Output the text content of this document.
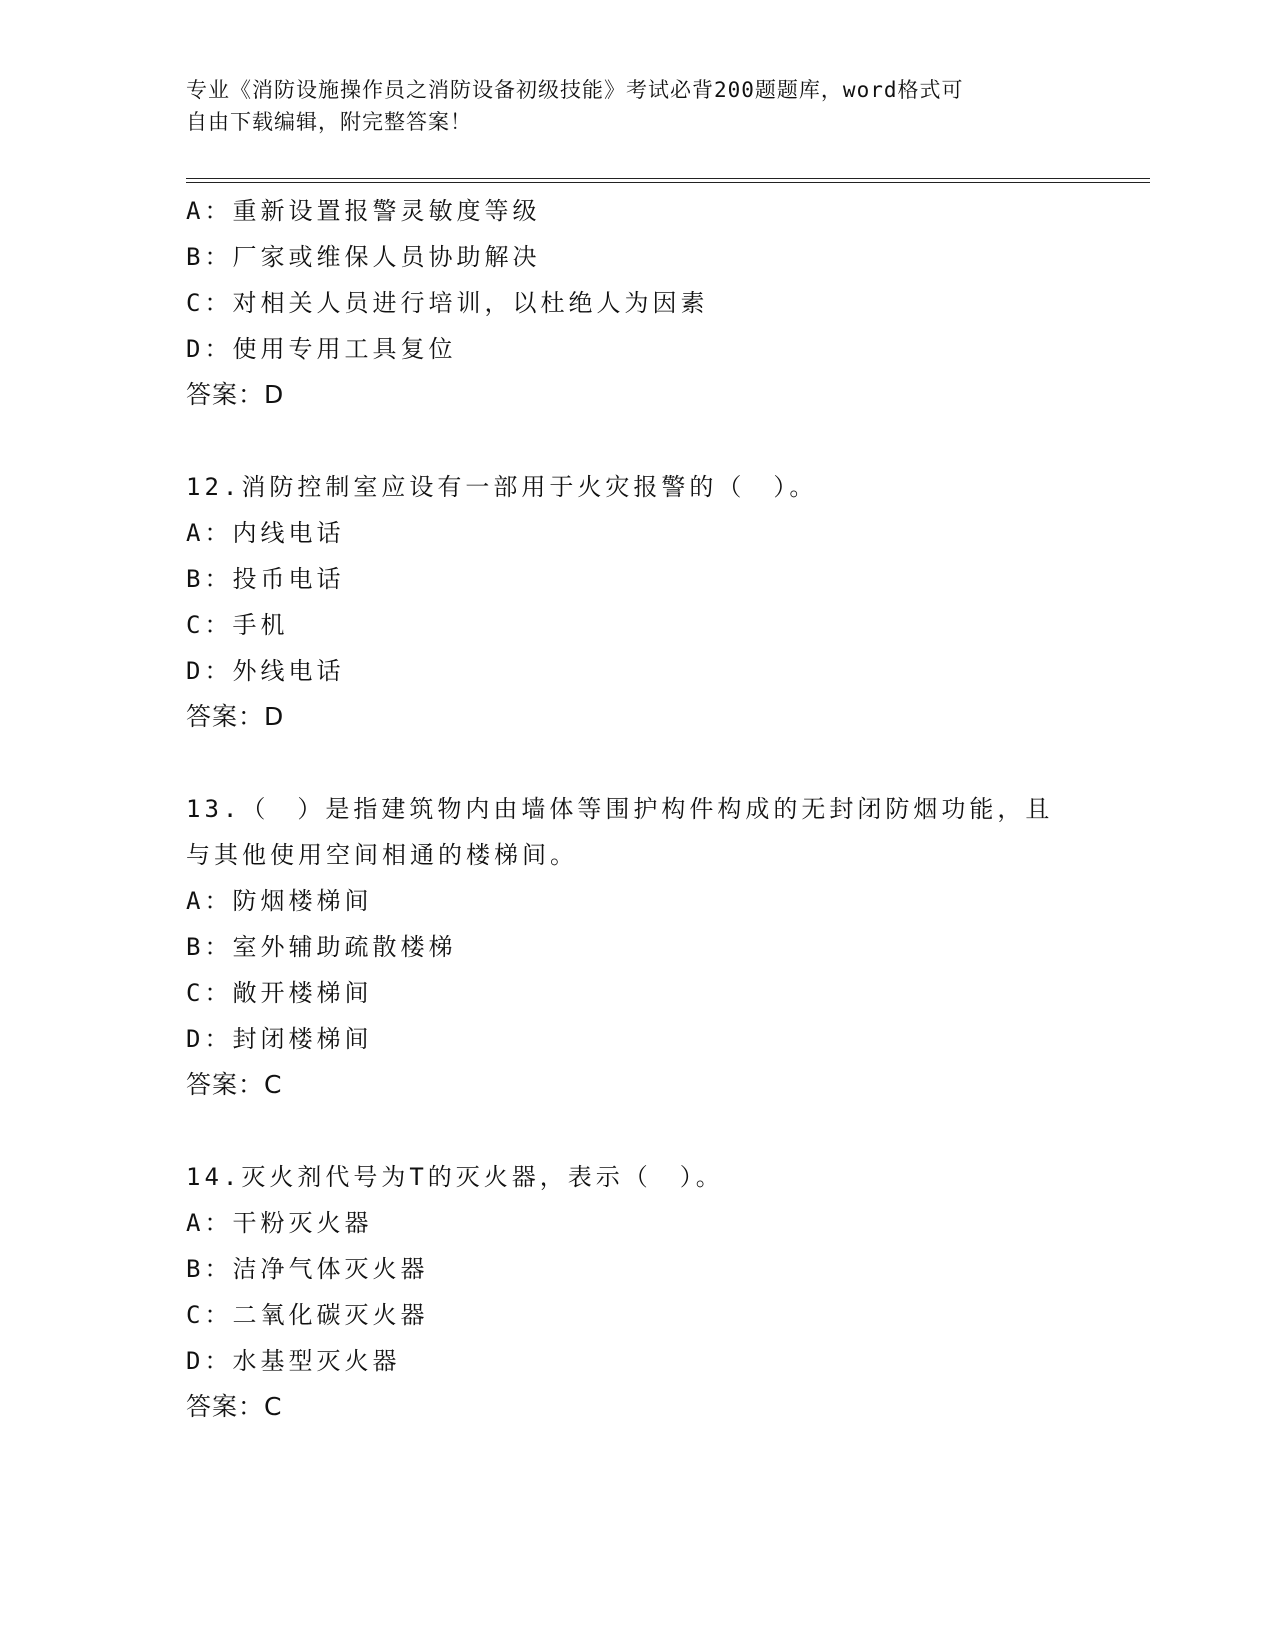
专业《消防设施操作员之消防设备初级技能》考试必背200题题库，word格式可
自由下载编辑，附完整答案！
A：重新设置报警灵敏度等级
B：厂家或维保人员协助解决
C：对相关人员进行培训，以杜绝人为因素
D：使用专用工具复位
答案：D
12.消防控制室应设有一部用于火灾报警的（　）。
A：内线电话
B：投币电话
C：手机
D：外线电话
答案：D
13.（　）是指建筑物内由墙体等围护构件构成的无封闭防烟功能，且
与其他使用空间相通的楼梯间。
A：防烟楼梯间
B：室外辅助疏散楼梯
C：敞开楼梯间
D：封闭楼梯间
答案：C
14.灭火剂代号为T的灭火器，表示（　）。
A：干粉灭火器
B：洁净气体灭火器
C：二氧化碳灭火器
D：水基型灭火器
答案：C
